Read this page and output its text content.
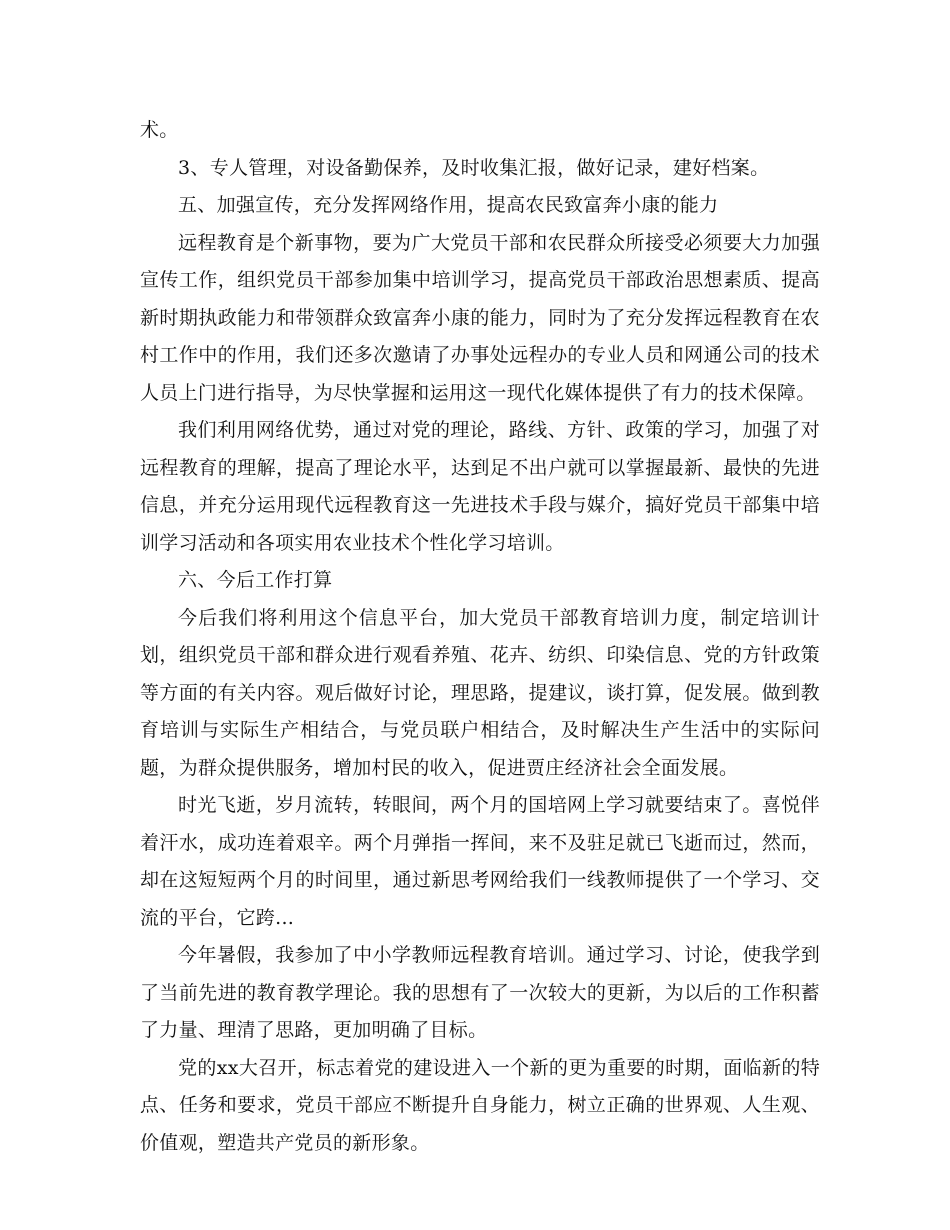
术。

3、专人管理，对设备勤保养，及时收集汇报，做好记录，建好档案。

五、加强宣传，充分发挥网络作用，提高农民致富奔小康的能力

远程教育是个新事物，要为广大党员干部和农民群众所接受必须要大力加强宣传工作，组织党员干部参加集中培训学习，提高党员干部政治思想素质、提高新时期执政能力和带领群众致富奔小康的能力，同时为了充分发挥远程教育在农村工作中的作用，我们还多次邀请了办事处远程办的专业人员和网通公司的技术人员上门进行指导，为尽快掌握和运用这一现代化媒体提供了有力的技术保障。

我们利用网络优势，通过对党的理论，路线、方针、政策的学习，加强了对远程教育的理解，提高了理论水平，达到足不出户就可以掌握最新、最快的先进信息，并充分运用现代远程教育这一先进技术手段与媒介，搞好党员干部集中培训学习活动和各项实用农业技术个性化学习培训。

六、今后工作打算

今后我们将利用这个信息平台，加大党员干部教育培训力度，制定培训计划，组织党员干部和群众进行观看养殖、花卉、纺织、印染信息、党的方针政策等方面的有关内容。观后做好讨论，理思路，提建议，谈打算，促发展。做到教育培训与实际生产相结合，与党员联户相结合，及时解决生产生活中的实际问题，为群众提供服务，增加村民的收入，促进贾庄经济社会全面发展。

时光飞逝，岁月流转，转眼间，两个月的国培网上学习就要结束了。喜悦伴着汗水，成功连着艰辛。两个月弹指一挥间，来不及驻足就已飞逝而过，然而，却在这短短两个月的时间里，通过新思考网给我们一线教师提供了一个学习、交流的平台，它跨...

今年暑假，我参加了中小学教师远程教育培训。通过学习、讨论，使我学到了当前先进的教育教学理论。我的思想有了一次较大的更新，为以后的工作积蓄了力量、理清了思路，更加明确了目标。

党的xx大召开，标志着党的建设进入一个新的更为重要的时期，面临新的特点、任务和要求，党员干部应不断提升自身能力，树立正确的世界观、人生观、价值观，塑造共产党员的新形象。
